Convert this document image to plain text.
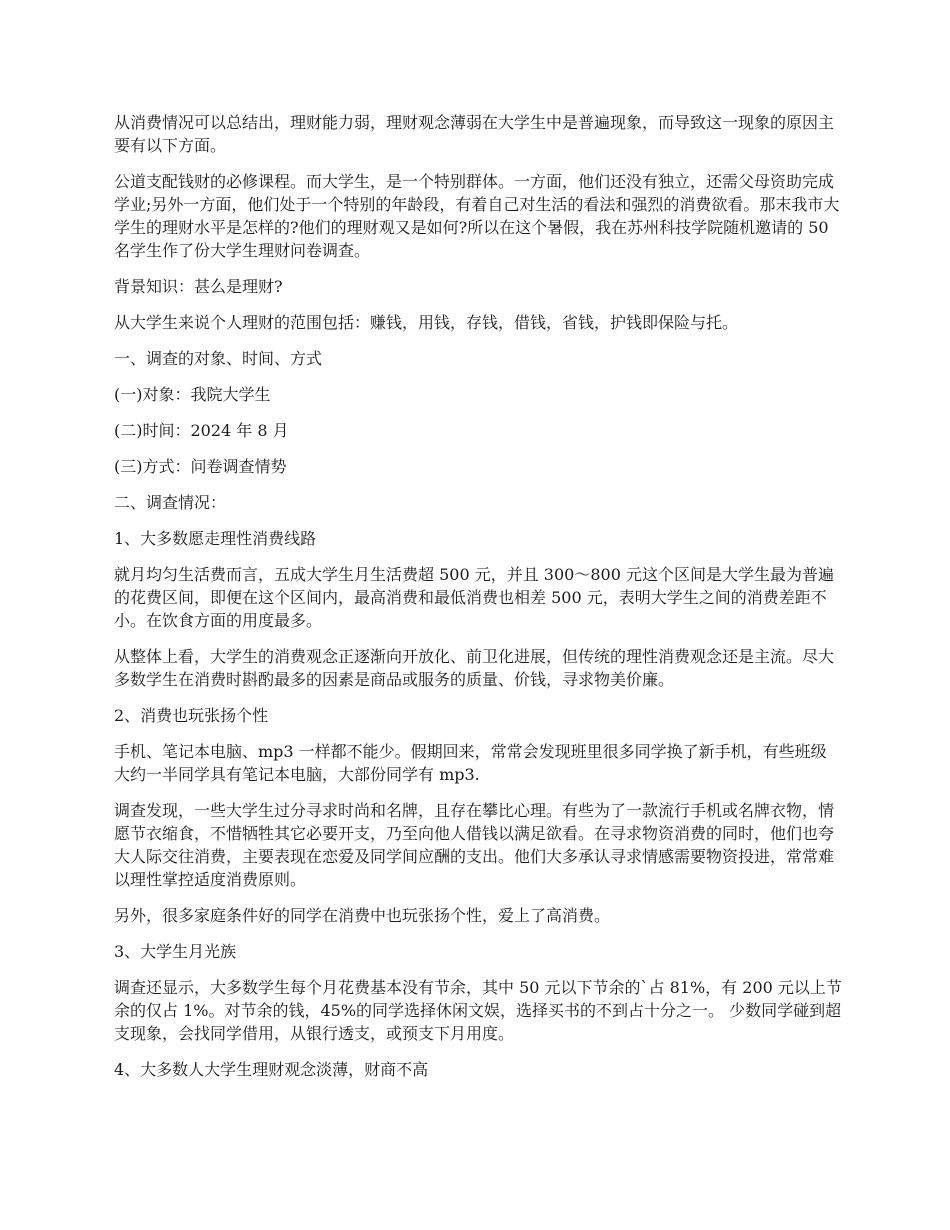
从消费情况可以总结出，理财能力弱，理财观念薄弱在大学生中是普遍现象，而导致这一现象的原因主要有以下方面。

公道支配钱财的必修课程。而大学生，是一个特别群体。一方面，他们还没有独立，还需父母资助完成学业;另外一方面，他们处于一个特别的年龄段，有着自己对生活的看法和强烈的消费欲看。那末我市大学生的理财水平是怎样的?他们的理财观又是如何?所以在这个暑假，我在苏州科技学院随机邀请的 50 名学生作了份大学生理财问卷调查。

背景知识：甚么是理财?

从大学生来说个人理财的范围包括：赚钱，用钱，存钱，借钱，省钱，护钱即保险与托。

一、调查的对象、时间、方式

(一)对象：我院大学生

(二)时间：2024 年 8 月

(三)方式：问卷调查情势

二、调查情况：

1、大多数愿走理性消费线路

就月均匀生活费而言，五成大学生月生活费超 500 元，并且 300～800 元这个区间是大学生最为普遍的花费区间，即便在这个区间内，最高消费和最低消费也相差 500 元，表明大学生之间的消费差距不小。在饮食方面的用度最多。

从整体上看，大学生的消费观念正逐渐向开放化、前卫化进展，但传统的理性消费观念还是主流。尽大多数学生在消费时斟酌最多的因素是商品或服务的质量、价钱，寻求物美价廉。

2、消费也玩张扬个性

手机、笔记本电脑、mp3 一样都不能少。假期回来，常常会发现班里很多同学换了新手机，有些班级大约一半同学具有笔记本电脑，大部份同学有 mp3.

调查发现，一些大学生过分寻求时尚和名牌，且存在攀比心理。有些为了一款流行手机或名牌衣物，情愿节衣缩食，不惜牺牲其它必要开支，乃至向他人借钱以满足欲看。在寻求物资消费的同时，他们也夸大人际交往消费，主要表现在恋爱及同学间应酬的支出。他们大多承认寻求情感需要物资投进，常常难以理性掌控适度消费原则。

另外，很多家庭条件好的同学在消费中也玩张扬个性，爱上了高消费。

3、大学生月光族

调查还显示，大多数学生每个月花费基本没有节余，其中 50 元以下节余的`占 81%，有 200 元以上节余的仅占 1%。对节余的钱，45%的同学选择休闲文娱，选择买书的不到占十分之一。 少数同学碰到超支现象，会找同学借用，从银行透支，或预支下月用度。

4、大多数人大学生理财观念淡薄，财商不高
